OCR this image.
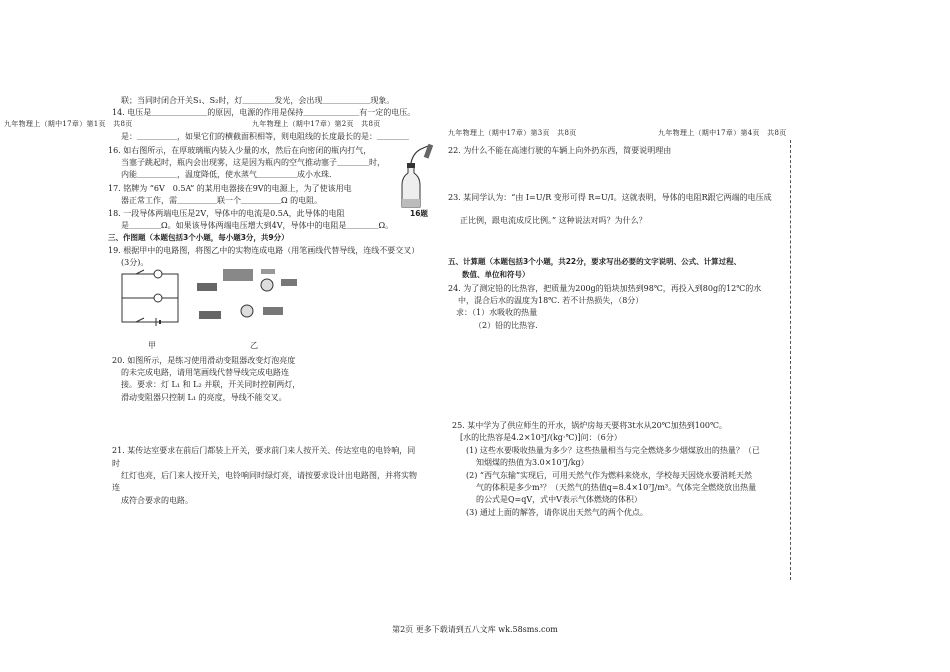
九年物理上（期中17章）第1页　共8页	九年物理上（期中17章）第2页　共8页
九年物理上（期中17章）第3页　共8页	九年物理上（期中17章）第4页　共8页
联；当同时闭合开关S₁、S₂时，灯＿＿＿＿发光，会出现＿＿＿＿＿＿现象。
14. 电压是＿＿＿＿＿＿＿的原因，电源的作用是保持＿＿＿＿＿＿＿有一定的电压。
是：＿＿＿＿＿，如果它们的横截面积相等，则电阻线的长度最长的是：＿＿＿＿
16. 如右图所示，在厚玻璃瓶内装入少量的水，然后在向密闭的瓶内打气，
当塞子跳起时，瓶内会出现雾，这是因为瓶内的空气推动塞子＿＿＿＿时，
内能＿＿＿＿＿，温度降低，使水蒸气＿＿＿＿＿成小水珠.
17. 铭牌为 “6V　0.5A” 的某用电器接在9V的电源上，为了使该用电
器正常工作，需＿＿＿＿＿联一个＿＿＿＿＿Ω 的电阻。
18. 一段导体两端电压是2V，导体中的电流是0.5A，此导体的电阻
是＿＿＿＿Ω。如果该导体两端电压增大到4V，导体中的电阻是＿＿＿＿Ω。
16题
三、作图题（本题包括3个小题，每小题3分，共9分）
19. 根据甲中的电路图，将图乙中的实物连成电路（用笔画线代替导线，连线不要交叉）
(3分)。
甲	乙
20. 如图所示，是练习使用滑动变阻器改变灯泡亮度
的未完成电路，请用笔画线代替导线完成电路连
接。要求：灯 L₁ 和 L₂ 并联，开关同时控制两灯，
滑动变阻器只控制 L₁ 的亮度，导线不能交叉。
21. 某传达室要求在前后门都装上开关，要求前门来人按开关、传达室电的电铃响，同
时
红灯也亮，后门来人按开关，电铃响同时绿灯亮，请按要求设计出电路图，并将实物
连
成符合要求的电路。
22. 为什么不能在高速行驶的车辆上向外扔东西，简要说明理由
23. 某同学认为：“由 I=U/R 变形可得 R=U/I。这就表明，导体的电阻R跟它两端的电压成
正比例，跟电流成反比例。” 这种说法对吗？为什么？
五、计算题（本题包括3个小题，共22分，要求写出必要的文字说明、公式、计算过程、
数值、单位和符号）
24. 为了测定铅的比热容，把质量为200g的铅块加热到98℃，再投入到80g的12℃的水
中，混合后水的温度为18℃. 若不计热损失，（8分）
求：（1）水吸收的热量
（2）铅的比热容.
25. 某中学为了供应师生的开水，锅炉房每天要将3t水从20℃加热到100℃。
[水的比热容是4.2×10³J/(kg·℃)]问：（6分）
(1) 这些水要吸收热量为多少？这些热量相当与完全燃烧多少烟煤放出的热量？（已
知烟煤的热值为3.0×10⁷J/kg）
(2) “西气东输”实现后，可用天然气作为燃料来烧水，学校每天因烧水要消耗天然
气的体积是多少m³？（天然气的热值q=8.4×10⁷J/m³。气体完全燃烧放出热量
的公式是Q=qV，式中V表示气体燃烧的体积）
(3) 通过上面的解答，请你说出天然气的两个优点。
第2页 更多下载请到五八文库 wk.58sms.com
